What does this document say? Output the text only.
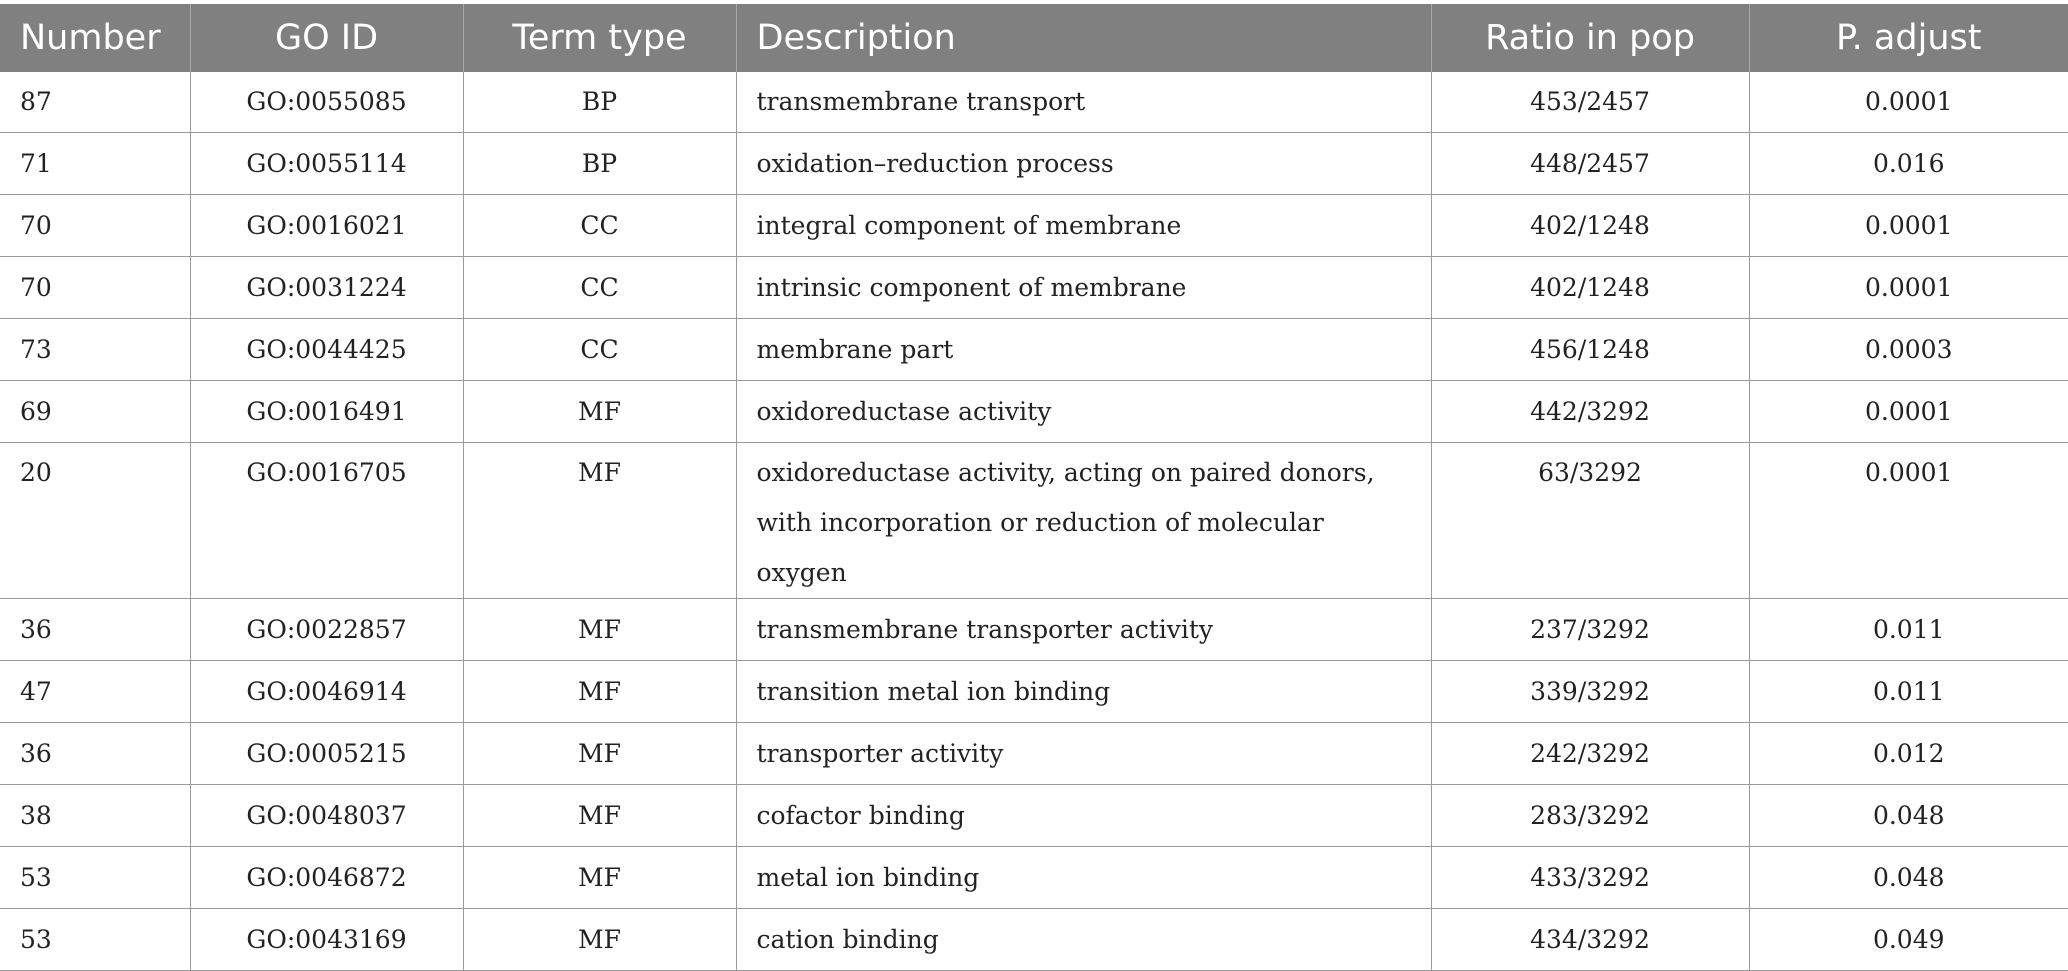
Number	GO ID	Term type	Description	Ratio in pop	P. adjust
87	GO:0055085	BP	transmembrane transport	453/2457	0.0001
71	GO:0055114	BP	oxidation–reduction process	448/2457	0.016
70	GO:0016021	CC	integral component of membrane	402/1248	0.0001
70	GO:0031224	CC	intrinsic component of membrane	402/1248	0.0001
73	GO:0044425	CC	membrane part	456/1248	0.0003
69	GO:0016491	MF	oxidoreductase activity	442/3292	0.0001
20	GO:0016705	MF	oxidoreductase activity, acting on paired donors, with incorporation or reduction of molecular oxygen	63/3292	0.0001
36	GO:0022857	MF	transmembrane transporter activity	237/3292	0.011
47	GO:0046914	MF	transition metal ion binding	339/3292	0.011
36	GO:0005215	MF	transporter activity	242/3292	0.012
38	GO:0048037	MF	cofactor binding	283/3292	0.048
53	GO:0046872	MF	metal ion binding	433/3292	0.048
53	GO:0043169	MF	cation binding	434/3292	0.049
